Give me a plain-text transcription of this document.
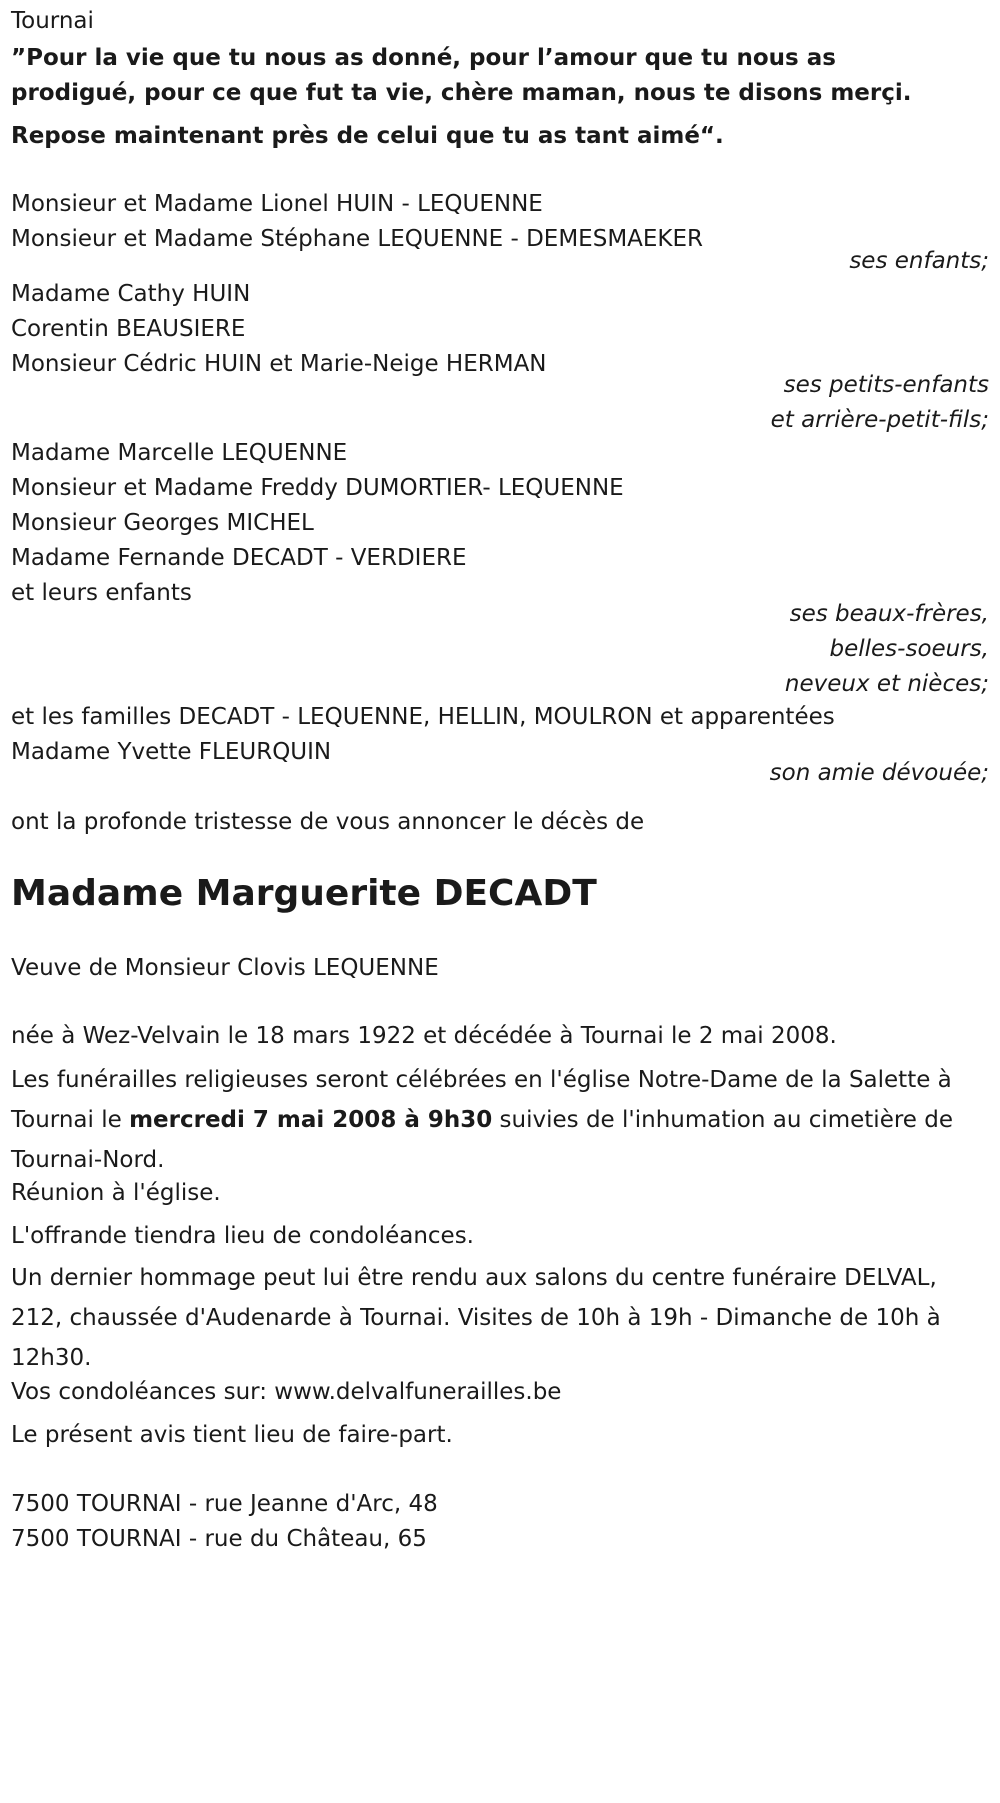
Tournai
”Pour la vie que tu nous as donné, pour l’amour que tu nous as
prodigué, pour ce que fut ta vie, chère maman, nous te disons merçi.
Repose maintenant près de celui que tu as tant aimé“.
Monsieur et Madame Lionel HUIN - LEQUENNE
Monsieur et Madame Stéphane LEQUENNE - DEMESMAEKER
ses enfants;
Madame Cathy HUIN
Corentin BEAUSIERE
Monsieur Cédric HUIN et Marie-Neige HERMAN
ses petits-enfants
et arrière-petit-fils;
Madame Marcelle LEQUENNE
Monsieur et Madame Freddy DUMORTIER- LEQUENNE
Monsieur Georges MICHEL
Madame Fernande DECADT - VERDIERE
et leurs enfants
ses beaux-frères,
belles-soeurs,
neveux et nièces;
et les familles DECADT - LEQUENNE, HELLIN, MOULRON et apparentées
Madame Yvette FLEURQUIN
son amie dévouée;
ont la profonde tristesse de vous annoncer le décès de
Madame Marguerite DECADT
Veuve de Monsieur Clovis LEQUENNE
née à Wez-Velvain le 18 mars 1922 et décédée à Tournai le 2 mai 2008.
Les funérailles religieuses seront célébrées en l'église Notre-Dame de la Salette à Tournai le mercredi 7 mai 2008 à 9h30 suivies de l'inhumation au cimetière de Tournai-Nord.
Réunion à l'église.
L'offrande tiendra lieu de condoléances.
Un dernier hommage peut lui être rendu aux salons du centre funéraire DELVAL, 212, chaussée d'Audenarde à Tournai. Visites de 10h à 19h - Dimanche de 10h à 12h30.
Vos condoléances sur: www.delvalfunerailles.be
Le présent avis tient lieu de faire-part.
7500 TOURNAI - rue Jeanne d'Arc, 48
7500 TOURNAI - rue du Château, 65
